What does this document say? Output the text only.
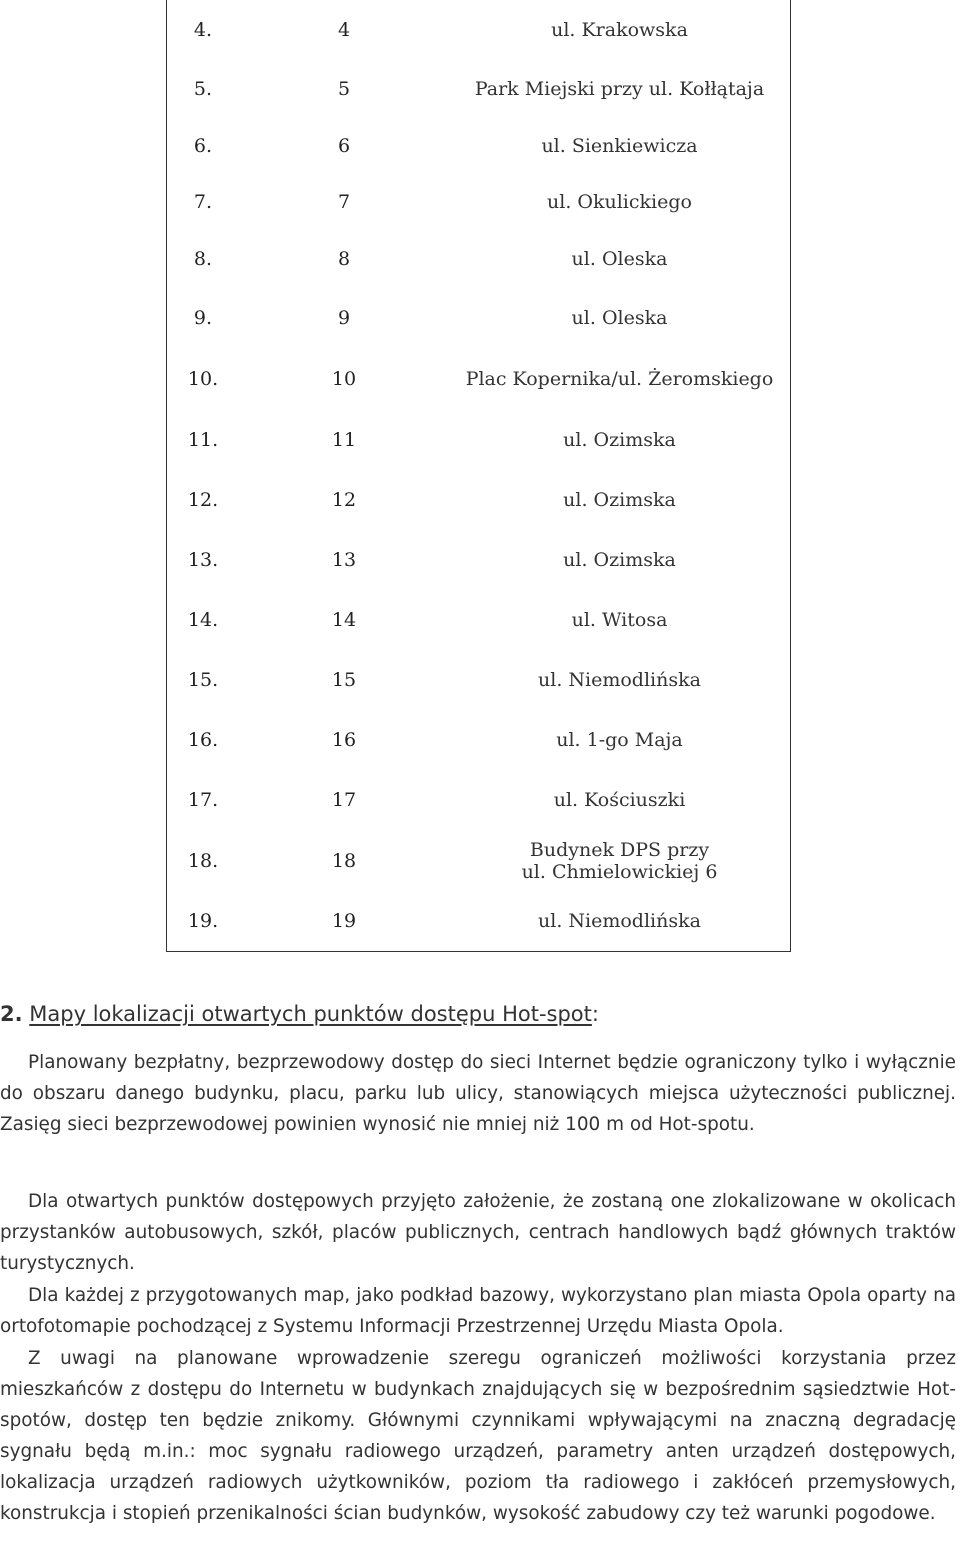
4.	4	ul. Krakowska
5.	5	Park Miejski przy ul. Kołłątaja
6.	6	ul. Sienkiewicza
7.	7	ul. Okulickiego
8.	8	ul. Oleska
9.	9	ul. Oleska
10.	10	Plac Kopernika/ul. Żeromskiego
11.	11	ul. Ozimska
12.	12	ul. Ozimska
13.	13	ul. Ozimska
14.	14	ul. Witosa
15.	15	ul. Niemodlińska
16.	16	ul. 1-go Maja
17.	17	ul. Kościuszki
18.	18	Budynek DPS przy
ul. Chmielowickiej 6

19.	19	ul. Niemodlińska
2. Mapy lokalizacji otwartych punktów dostępu Hot-spot:

Planowany bezpłatny, bezprzewodowy dostęp do sieci Internet będzie ograniczony tylko i wyłącznie do obszaru danego budynku, placu, parku lub ulicy, stanowiących miejsca użyteczności publicznej. Zasięg sieci bezprzewodowej powinien wynosić nie mniej niż 100 m od Hot-spotu.

Dla otwartych punktów dostępowych przyjęto założenie, że zostaną one zlokalizowane w okolicach przystanków autobusowych, szkół, placów publicznych, centrach handlowych bądź głównych traktów turystycznych.

Dla każdej z przygotowanych map, jako podkład bazowy, wykorzystano plan miasta Opola oparty na ortofotomapie pochodzącej z Systemu Informacji Przestrzennej Urzędu Miasta Opola.

Z uwagi na planowane wprowadzenie szeregu ograniczeń możliwości korzystania przez mieszkańców z dostępu do Internetu w budynkach znajdujących się w bezpośrednim sąsiedztwie Hot-spotów, dostęp ten będzie znikomy. Głównymi czynnikami wpływającymi na znaczną degradację sygnału będą m.in.: moc sygnału radiowego urządzeń, parametry anten urządzeń dostępowych, lokalizacja urządzeń radiowych użytkowników, poziom tła radiowego i zakłóceń przemysłowych, konstrukcja i stopień przenikalności ścian budynków, wysokość zabudowy czy też warunki pogodowe.
